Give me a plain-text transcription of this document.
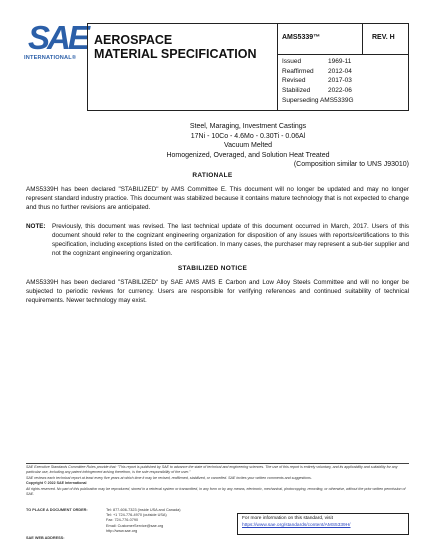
SAE
INTERNATIONAL®
AEROSPACE
MATERIAL SPECIFICATION
AMS5339™	REV. H
Issued	1969-11
Reaffirmed 2012-04
Revised	2017-03
Stabilized	2022-06
Superseding AMS5339G
Steel, Maraging, Investment Castings
17Ni - 10Co - 4.6Mo - 0.30Ti - 0.06Al
Vacuum Melted
Homogenized, Overaged, and Solution Heat Treated
(Composition similar to UNS J93010)
RATIONALE
AMS5339H has been declared "STABILIZED" by AMS Committee E. This document will no longer be updated and may no longer represent standard industry practice. This document was stabilized because it contains mature technology that is not expected to change and thus no further revisions are anticipated.
NOTE: Previously, this document was revised. The last technical update of this document occurred in March, 2017. Users of this document should refer to the cognizant engineering organization for disposition of any issues with reports/certifications to this specification, including exceptions listed on the certification. In many cases, the purchaser may represent a sub-tier supplier and not the cognizant engineering organization.
STABILIZED NOTICE
AMS5339H has been declared "STABILIZED" by SAE AMS AMS E Carbon and Low Alloy Steels Committee and will no longer be subjected to periodic reviews for currency. Users are responsible for verifying references and continued suitability of technical requirements. Newer technology may exist.
SAE Executive Standards Committee Rules provide that: "This report is published by SAE to advance the state of technical and engineering sciences. The use of this report is entirely voluntary, and its applicability and suitability for any particular use, including any patent infringement arising therefrom, is the sole responsibility of the user."
SAE reviews each technical report at least every five years at which time it may be revised, reaffirmed, stabilized, or cancelled. SAE invites your written comments and suggestions.
Copyright © 2022 SAE International
All rights reserved. No part of this publication may be reproduced, stored in a retrieval system or transmitted, in any form or by any means, electronic, mechanical, photocopying, recording, or otherwise, without the prior written permission of SAE.
TO PLACE A DOCUMENT ORDER:	Tel: 877-606-7323 (inside USA and Canada)
Tel: +1 724-776-4970 (outside USA)
Fax: 724-776-0790
Email: CustomerService@sae.org
http://www.sae.org
For more information on this standard, visit
https://www.sae.org/standards/content/AMS5339H/
SAE WEB ADDRESS:
